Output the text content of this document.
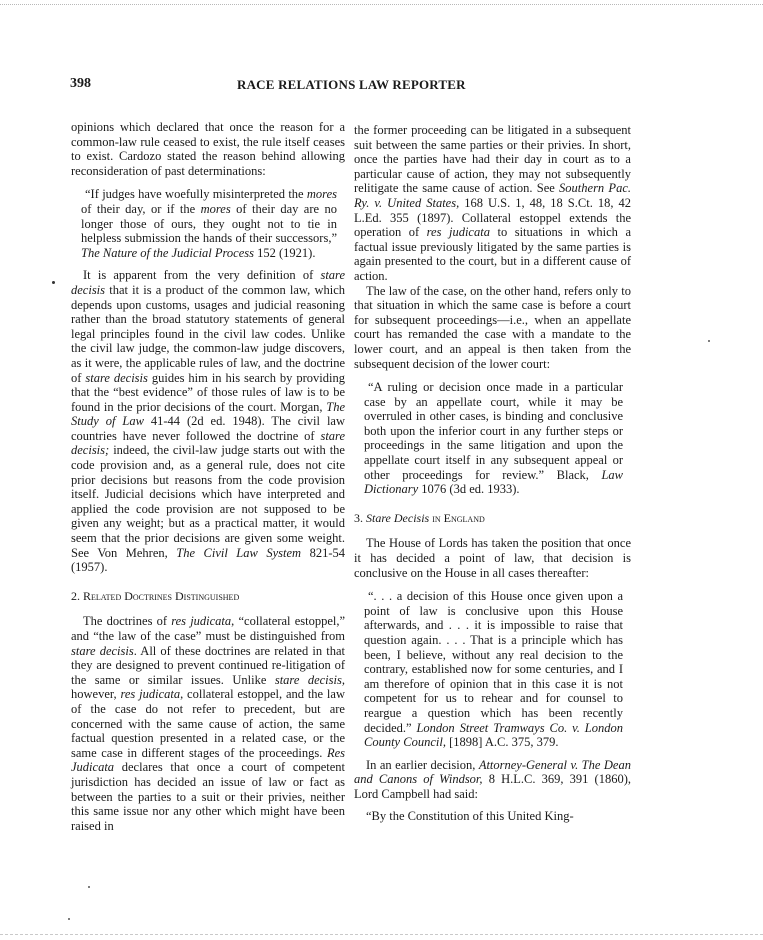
398	RACE RELATIONS LAW REPORTER

opinions which declared that once the reason for a common-law rule ceased to exist, the rule itself ceases to exist. Cardozo stated the reason behind allowing reconsideration of past determinations:

“If judges have woefully misinterpreted the mores of their day, or if the mores of their day are no longer those of ours, they ought not to tie in helpless submission the hands of their successors,” The Nature of the Judicial Process 152 (1921).

It is apparent from the very definition of stare decisis that it is a product of the common law, which depends upon customs, usages and judicial reasoning rather than the broad statutory statements of general legal principles found in the civil law codes. Unlike the civil law judge, the common-law judge discovers, as it were, the applicable rules of law, and the doctrine of stare decisis guides him in his search by providing that the “best evidence” of those rules of law is to be found in the prior decisions of the court. Morgan, The Study of Law 41-44 (2d ed. 1948). The civil law countries have never followed the doctrine of stare decisis; indeed, the civil-law judge starts out with the code provision and, as a general rule, does not cite prior decisions but reasons from the code provision itself. Judicial decisions which have interpreted and applied the code provision are not supposed to be given any weight; but as a practical matter, it would seem that the prior decisions are given some weight. See Von Mehren, The Civil Law System 821-54 (1957).

2. Related Doctrines Distinguished

The doctrines of res judicata, “collateral estoppel,” and “the law of the case” must be distinguished from stare decisis. All of these doctrines are related in that they are designed to prevent continued re-litigation of the same or similar issues. Unlike stare decisis, however, res judicata, collateral estoppel, and the law of the case do not refer to precedent, but are concerned with the same cause of action, the same factual question presented in a related case, or the same case in different stages of the proceedings. Res Judicata declares that once a court of competent jurisdiction has decided an issue of law or fact as between the parties to a suit or their privies, neither this same issue nor any other which might have been raised in

the former proceeding can be litigated in a subsequent suit between the same parties or their privies. In short, once the parties have had their day in court as to a particular cause of action, they may not subsequently relitigate the same cause of action. See Southern Pac. Ry. v. United States, 168 U.S. 1, 48, 18 S.Ct. 18, 42 L.Ed. 355 (1897). Collateral estoppel extends the operation of res judicata to situations in which a factual issue previously litigated by the same parties is again presented to the court, but in a different cause of action.

The law of the case, on the other hand, refers only to that situation in which the same case is before a court for subsequent proceedings—i.e., when an appellate court has remanded the case with a mandate to the lower court, and an appeal is then taken from the subsequent decision of the lower court:

“A ruling or decision once made in a particular case by an appellate court, while it may be overruled in other cases, is binding and conclusive both upon the inferior court in any further steps or proceedings in the same litigation and upon the appellate court itself in any subsequent appeal or other proceedings for review.” Black, Law Dictionary 1076 (3d ed. 1933).
3. Stare Decisis in England

The House of Lords has taken the position that once it has decided a point of law, that decision is conclusive on the House in all cases thereafter:

“. . . a decision of this House once given upon a point of law is conclusive upon this House afterwards, and . . . it is impossible to raise that question again. . . . That is a principle which has been, I believe, without any real decision to the contrary, established now for some centuries, and I am therefore of opinion that in this case it is not competent for us to rehear and for counsel to reargue a question which has been recently decided.” London Street Tramways Co. v. London County Council, [1898] A.C. 375, 379.

In an earlier decision, Attorney-General v. The Dean and Canons of Windsor, 8 H.L.C. 369, 391 (1860), Lord Campbell had said:

“By the Constitution of this United King-
